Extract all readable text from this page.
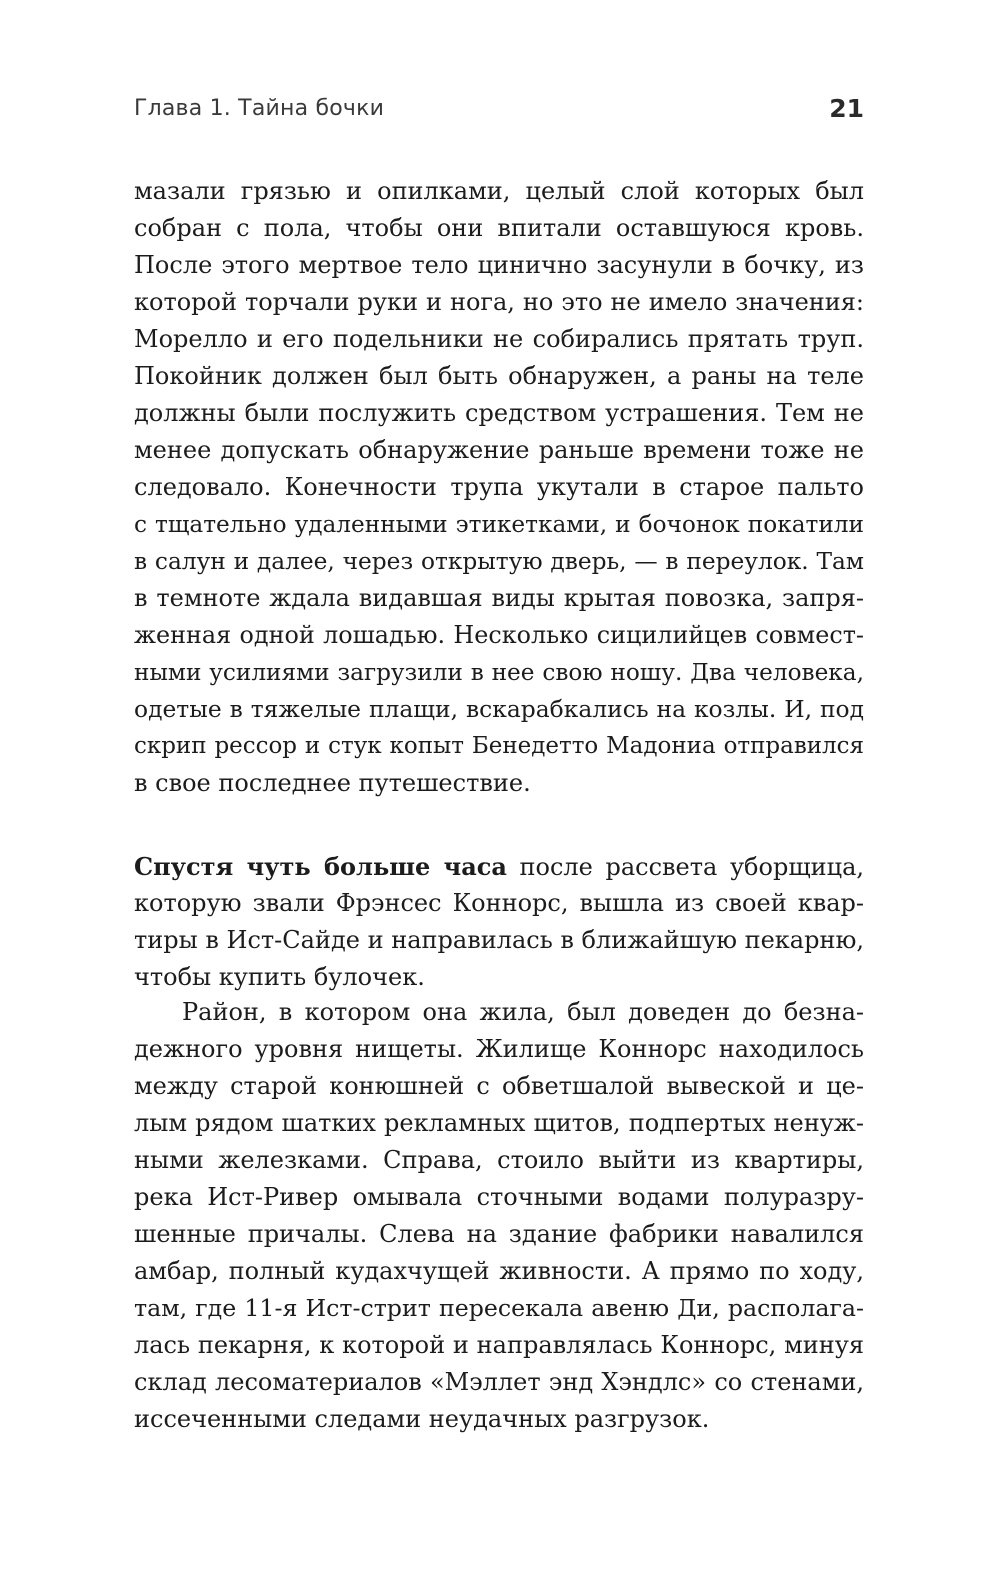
Глава 1. Тайна бочки	21
мазали грязью и опилками, целый слой которых был
собран с пола, чтобы они впитали оставшуюся кровь.
После этого мертвое тело цинично засунули в бочку, из
которой торчали руки и нога, но это не имело значения:
Морелло и его подельники не собирались прятать труп.
Покойник должен был быть обнаружен, а раны на теле
должны были послужить средством устрашения. Тем не
менее допускать обнаружение раньше времени тоже не
следовало. Конечности трупа укутали в старое пальто
с тщательно удаленными этикетками, и бочонок покатили
в салун и далее, через открытую дверь, — в переулок. Там
в темноте ждала видавшая виды крытая повозка, запря-
женная одной лошадью. Несколько сицилийцев совмест-
ными усилиями загрузили в нее свою ношу. Два человека,
одетые в тяжелые плащи, вскарабкались на козлы. И, под
скрип рессор и стук копыт Бенедетто Мадониа отправился
в свое последнее путешествие.
Спустя чуть больше часа после рассвета уборщица,
которую звали Фрэнсес Коннорс, вышла из своей квар-
тиры в Ист-Сайде и направилась в ближайшую пекарню,
чтобы купить булочек.
Район, в котором она жила, был доведен до безна-
дежного уровня нищеты. Жилище Коннорс находилось
между старой конюшней с обветшалой вывеской и це-
лым рядом шатких рекламных щитов, подпертых ненуж-
ными железками. Справа, стоило выйти из квартиры,
река Ист-Ривер омывала сточными водами полуразру-
шенные причалы. Слева на здание фабрики навалился
амбар, полный кудахчущей живности. А прямо по ходу,
там, где 11-я Ист-стрит пересекала авеню Ди, располага-
лась пекарня, к которой и направлялась Коннорс, минуя
склад лесоматериалов «Мэллет энд Хэндлс» со стенами,
иссеченными следами неудачных разгрузок.
